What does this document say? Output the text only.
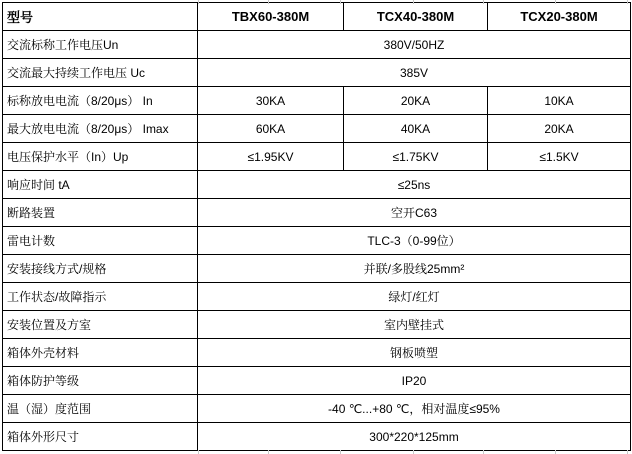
型号	TBX60-380M	TCX40-380M	TCX20-380M
交流标称工作电压Un	380V/50HZ		
交流最大持续工作电压 Uc	385V		
标称放电电流（8/20μs） In	30KA	20KA	10KA
最大放电电流（8/20μs） Imax	60KA	40KA	20KA
电压保护水平（In）Up	≤1.95KV	≤1.75KV	≤1.5KV
响应时间 tA	≤25ns		
断路装置	空开C63		
雷电计数	TLC-3（0-99位）		
安装接线方式/规格	并联/多股线25mm²		
工作状态/故障指示	绿灯/红灯		
安装位置及方室	室内壁挂式		
箱体外壳材料	钢板喷塑		
箱体防护等级	IP20		
温（湿）度范围	-40 ℃...+80 ℃，相对温度≤95%		
箱体外形尺寸	300*220*125mm		
